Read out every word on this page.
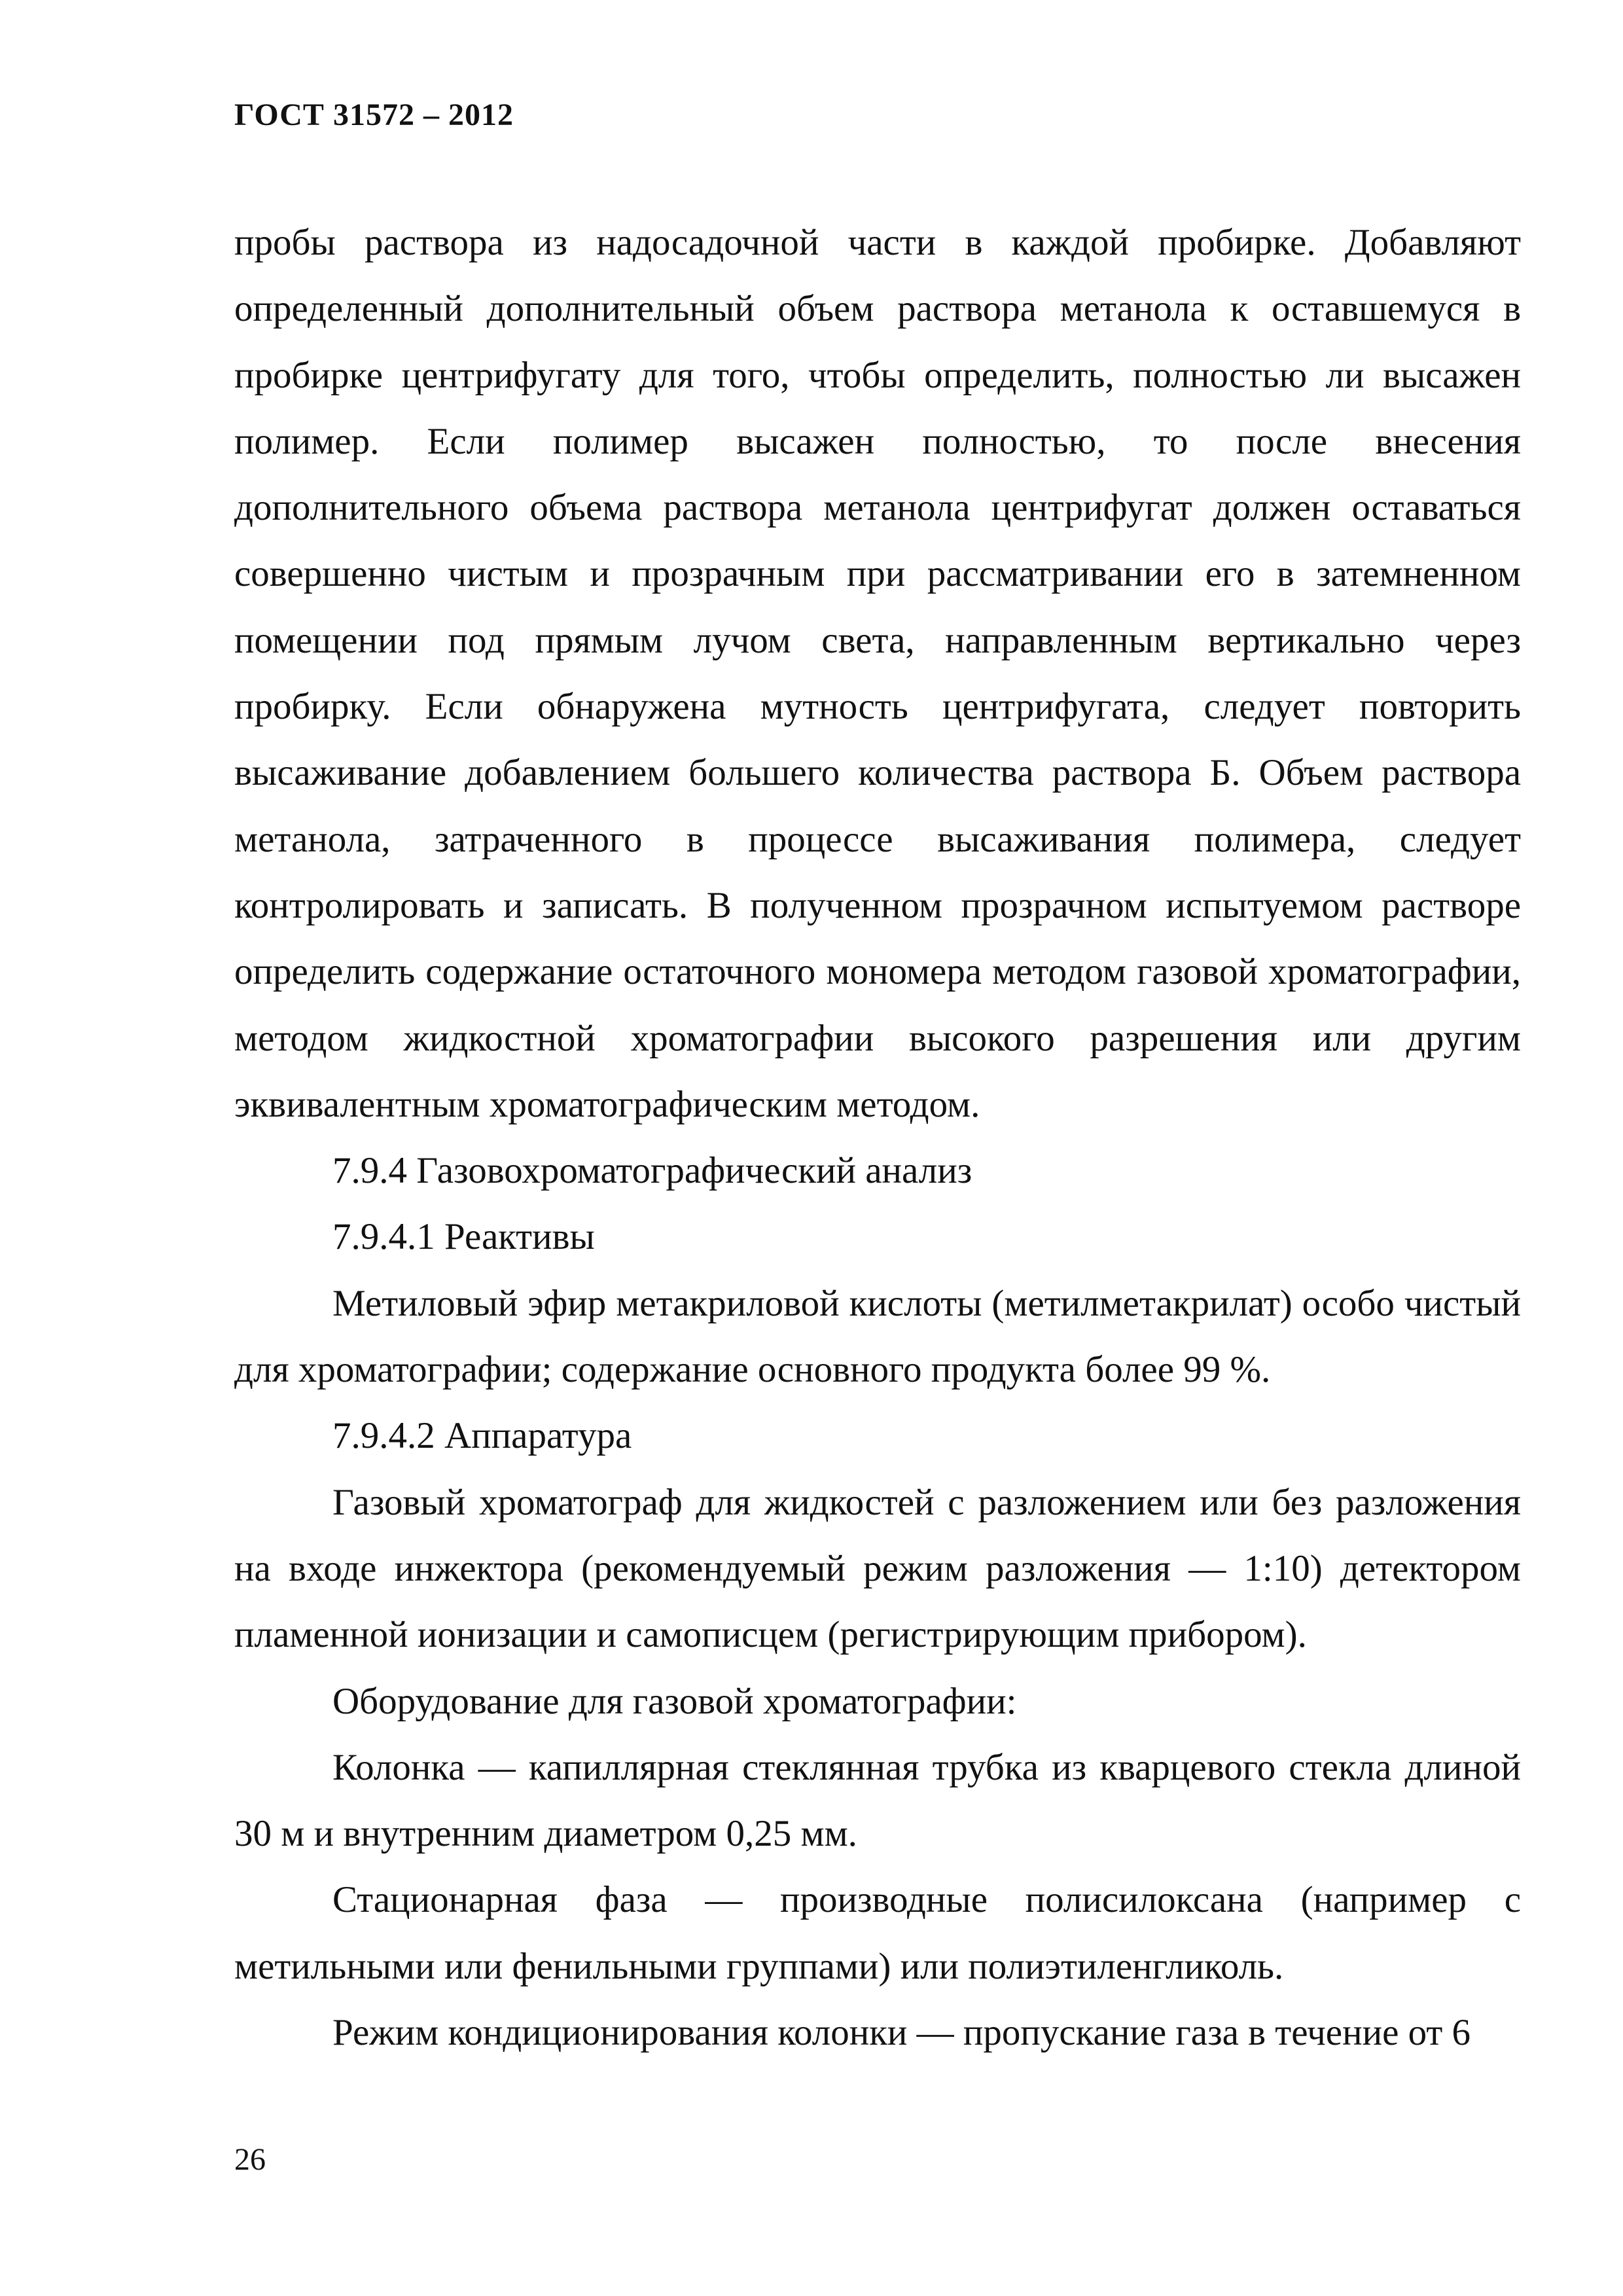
ГОСТ 31572 – 2012

пробы раствора из надосадочной части в каждой пробирке. Добавляют определенный дополнительный объем раствора метанола к оставшемуся в пробирке центрифугату для того, чтобы определить, полностью ли высажен полимер. Если полимер высажен полностью, то после внесения дополнительного объема раствора метанола центрифугат должен оставаться совершенно чистым и прозрачным при рассматривании его в затемненном помещении под прямым лучом света, направленным вертикально через пробирку. Если обнаружена мутность центрифугата, следует повторить высаживание добавлением большего количества раствора Б. Объем раствора метанола, затраченного в процессе высаживания полимера, следует контролировать и записать. В полученном прозрачном испытуемом растворе определить содержание остаточного мономера методом газовой хроматографии, методом жидкостной хроматографии высокого разрешения или другим эквивалентным хроматографическим методом.

7.9.4 Газовохроматографический анализ

7.9.4.1 Реактивы

Метиловый эфир метакриловой кислоты (метилметакрилат) особо чистый для хроматографии; содержание основного продукта более 99 %.

7.9.4.2 Аппаратура

Газовый хроматограф для жидкостей с разложением или без разложения на входе инжектора (рекомендуемый режим разложения — 1:10) детектором пламенной ионизации и самописцем (регистрирующим прибором).

Оборудование для газовой хроматографии:

Колонка — капиллярная стеклянная трубка из кварцевого стекла длиной 30 м и внутренним диаметром 0,25 мм.

Стационарная фаза — производные полисилоксана (например с метильными или фенильными группами) или полиэтиленгликоль.

Режим кондиционирования колонки — пропускание газа в течение от 6

26
